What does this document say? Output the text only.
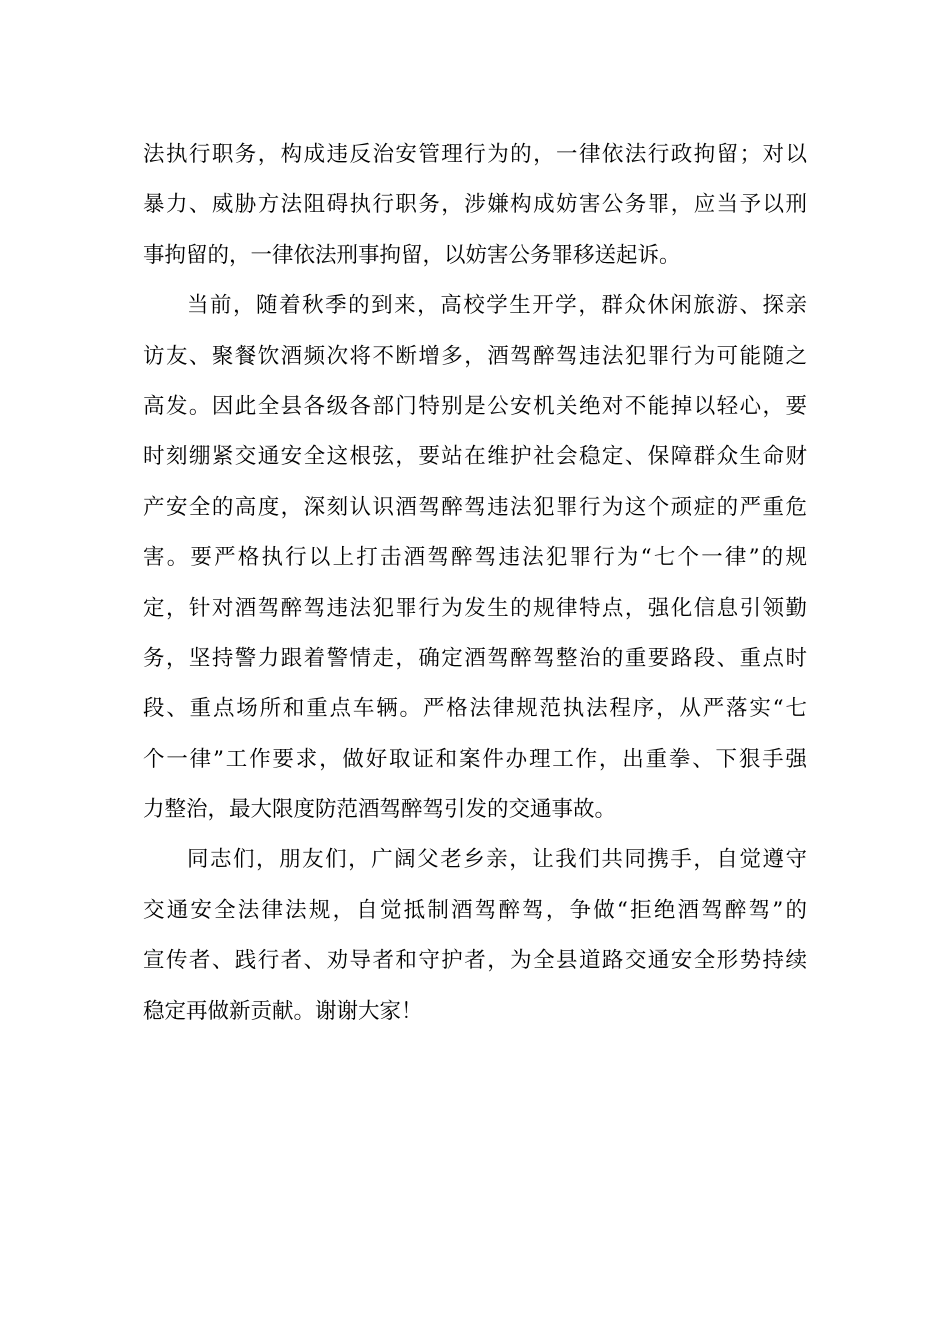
法执行职务，构成违反治安管理行为的，一律依法行政拘留；对以
暴力、威胁方法阻碍执行职务，涉嫌构成妨害公务罪，应当予以刑
事拘留的，一律依法刑事拘留，以妨害公务罪移送起诉。
当前，随着秋季的到来，高校学生开学，群众休闲旅游、探亲
访友、聚餐饮酒频次将不断增多，酒驾醉驾违法犯罪行为可能随之
高发。因此全县各级各部门特别是公安机关绝对不能掉以轻心，要
时刻绷紧交通安全这根弦，要站在维护社会稳定、保障群众生命财
产安全的高度，深刻认识酒驾醉驾违法犯罪行为这个顽症的严重危
害。要严格执行以上打击酒驾醉驾违法犯罪行为“七个一律”的规
定，针对酒驾醉驾违法犯罪行为发生的规律特点，强化信息引领勤
务，坚持警力跟着警情走，确定酒驾醉驾整治的重要路段、重点时
段、重点场所和重点车辆。严格法律规范执法程序，从严落实“七
个一律”工作要求，做好取证和案件办理工作，出重拳、下狠手强
力整治，最大限度防范酒驾醉驾引发的交通事故。
同志们，朋友们，广阔父老乡亲，让我们共同携手，自觉遵守
交通安全法律法规，自觉抵制酒驾醉驾，争做“拒绝酒驾醉驾”的
宣传者、践行者、劝导者和守护者，为全县道路交通安全形势持续
稳定再做新贡献。谢谢大家！
